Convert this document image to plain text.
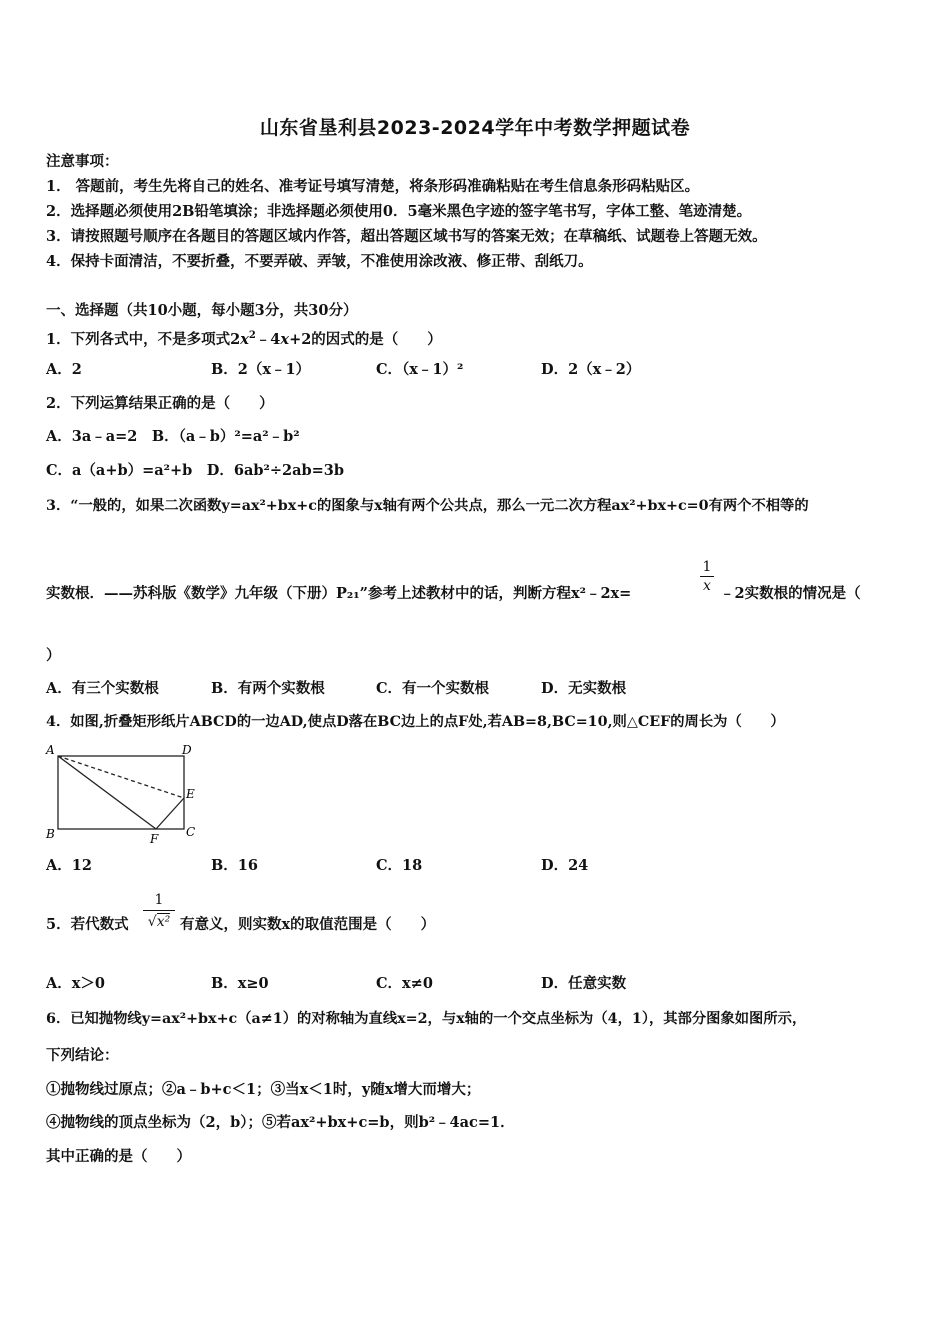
山东省垦利县2023-2024学年中考数学押题试卷
注意事项：
1． 答题前，考生先将自己的姓名、准考证号填写清楚，将条形码准确粘贴在考生信息条形码粘贴区。
2．选择题必须使用2B铅笔填涂；非选择题必须使用0．5毫米黑色字迹的签字笔书写，字体工整、笔迹清楚。
3．请按照题号顺序在各题目的答题区域内作答，超出答题区域书写的答案无效；在草稿纸、试题卷上答题无效。
4．保持卡面清洁，不要折叠，不要弄破、弄皱，不准使用涂改液、修正带、刮纸刀。
一、选择题（共10小题，每小题3分，共30分）
1．下列各式中，不是多项式$2x^2﹣4x+2$的因式的是（　　）
A．2	B．2（x﹣1）	C．（x﹣1）²	D．2（x﹣2）
2．下列运算结果正确的是（　　）
A．3a﹣a=2　B．（a﹣b）²=a²﹣b²
C．a（a+b）=a²+b　D．6ab²÷2ab=3b
3．“一般的，如果二次函数y=ax²+bx+c的图象与x轴有两个公共点，那么一元二次方程ax²+bx+c=0有两个不相等的
实数根．——苏科版《数学》九年级（下册）P₂₁”参考上述教材中的话，判断方程x²﹣2x=
1
x ﹣2实数根的情况是（
）
A．有三个实数根	B．有两个实数根	C．有一个实数根	D．无实数根
4．如图,折叠矩形纸片ABCD的一边AD,使点D落在BC边上的点F处,若AB=8,BC=10,则△CEF的周长为（　　）
A	D
B	C
E
F
A．12	B．16	C．18	D．24
5．若代数式
1
√x² 有意义，则实数x的取值范围是（　　）
A．x＞0	B．x≥0	C．x≠0	D．任意实数
6．已知抛物线y=ax²+bx+c（a≠1）的对称轴为直线x=2，与x轴的一个交点坐标为（4，1），其部分图象如图所示，
下列结论：
①抛物线过原点；②a﹣b+c＜1；③当x＜1时，y随x增大而增大；
④抛物线的顶点坐标为（2，b）；⑤若ax²+bx+c=b，则b²﹣4ac=1．
其中正确的是（　　）
